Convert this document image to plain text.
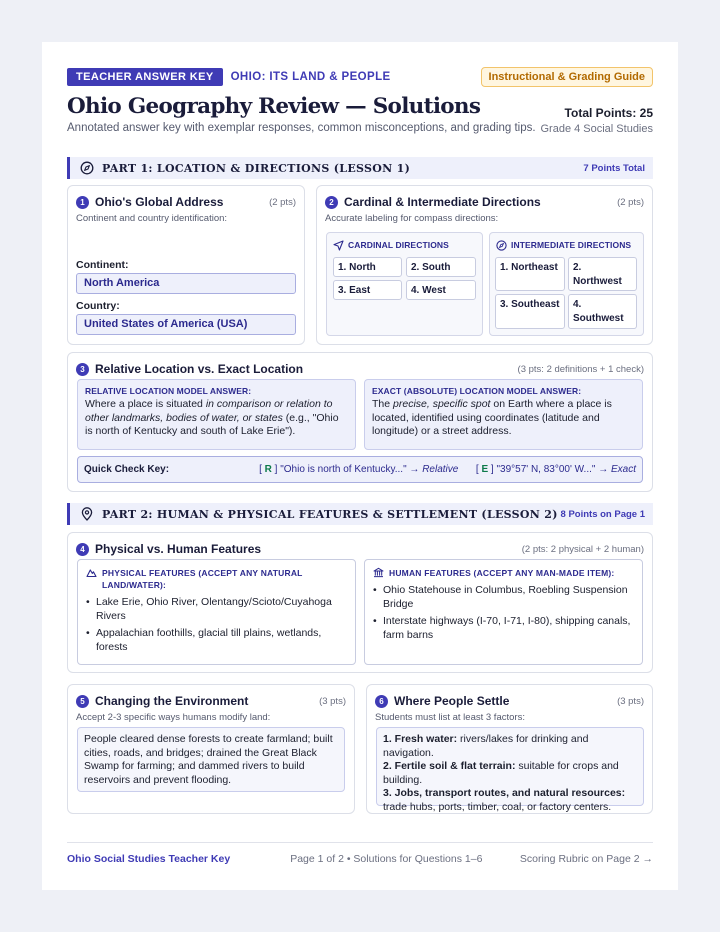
TEACHER ANSWER KEY	OHIO: ITS LAND & PEOPLE	Instructional & Grading Guide
Ohio Geography Review — Solutions
Annotated answer key with exemplar responses, common misconceptions, and grading tips.
Total Points: 25
Grade 4 Social Studies
PART 1: LOCATION & DIRECTIONS (LESSON 1)	7 Points Total
1 Ohio's Global Address	(2 pts)
Continent and country identification:
Continent:
North America
Country:
United States of America (USA)
2 Cardinal & Intermediate Directions	(2 pts)
Accurate labeling for compass directions:
CARDINAL DIRECTIONS
1. North	2. South
3. East	4. West
INTERMEDIATE DIRECTIONS
1. Northeast	2. Northwest
3. Southeast	4. Southwest
3 Relative Location vs. Exact Location	(3 pts: 2 definitions + 1 check)
RELATIVE LOCATION MODEL ANSWER:
Where a place is situated in comparison or relation to other landmarks, bodies of water, or states (e.g., "Ohio is north of Kentucky and south of Lake Erie").
EXACT (ABSOLUTE) LOCATION MODEL ANSWER:
The precise, specific spot on Earth where a place is located, identified using coordinates (latitude and longitude) or a street address.
Quick Check Key:	[ R ] "Ohio is north of Kentucky..." → Relative [ E ] "39°57' N, 83°00' W..." → Exact
PART 2: HUMAN & PHYSICAL FEATURES & SETTLEMENT (LESSON 2) 8 Points on Page 1
4 Physical vs. Human Features	(2 pts: 2 physical + 2 human)
PHYSICAL FEATURES (ACCEPT ANY NATURAL LAND/WATER):
• Lake Erie, Ohio River, Olentangy/Scioto/Cuyahoga Rivers
• Appalachian foothills, glacial till plains, wetlands, forests
HUMAN FEATURES (ACCEPT ANY MAN-MADE ITEM):
• Ohio Statehouse in Columbus, Roebling Suspension Bridge
• Interstate highways (I-70, I-71, I-80), shipping canals, farm barns
5 Changing the Environment	(3 pts)
Accept 2-3 specific ways humans modify land:
People cleared dense forests to create farmland; built cities, roads, and bridges; drained the Great Black Swamp for farming; and dammed rivers to build reservoirs and prevent flooding.
6 Where People Settle	(3 pts)
Students must list at least 3 factors:
1. Fresh water: rivers/lakes for drinking and navigation.
2. Fertile soil & flat terrain: suitable for crops and building.
3. Jobs, transport routes, and natural resources: trade hubs, ports, timber, coal, or factory centers.
Ohio Social Studies Teacher Key	Page 1 of 2 • Solutions for Questions 1–6	Scoring Rubric on Page 2 →
